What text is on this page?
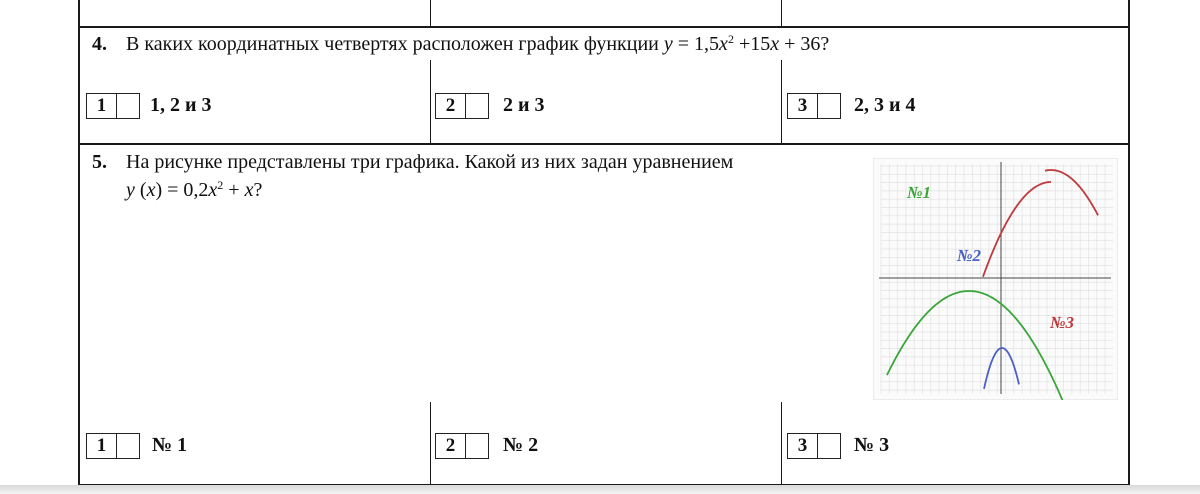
4. В каких координатных четвертях расположен график функции $y = 1,5x^2 +15x + 36$?
1	1, 2 и 3	2	2 и 3	3	2, 3 и 4
5. На рисунке представлены три графика. Какой из них задан уравнением
y $(x) = 0,2x^2 + x$?	№1
№2
№3
1	№ 1	2	№ 2	3	№ 3
